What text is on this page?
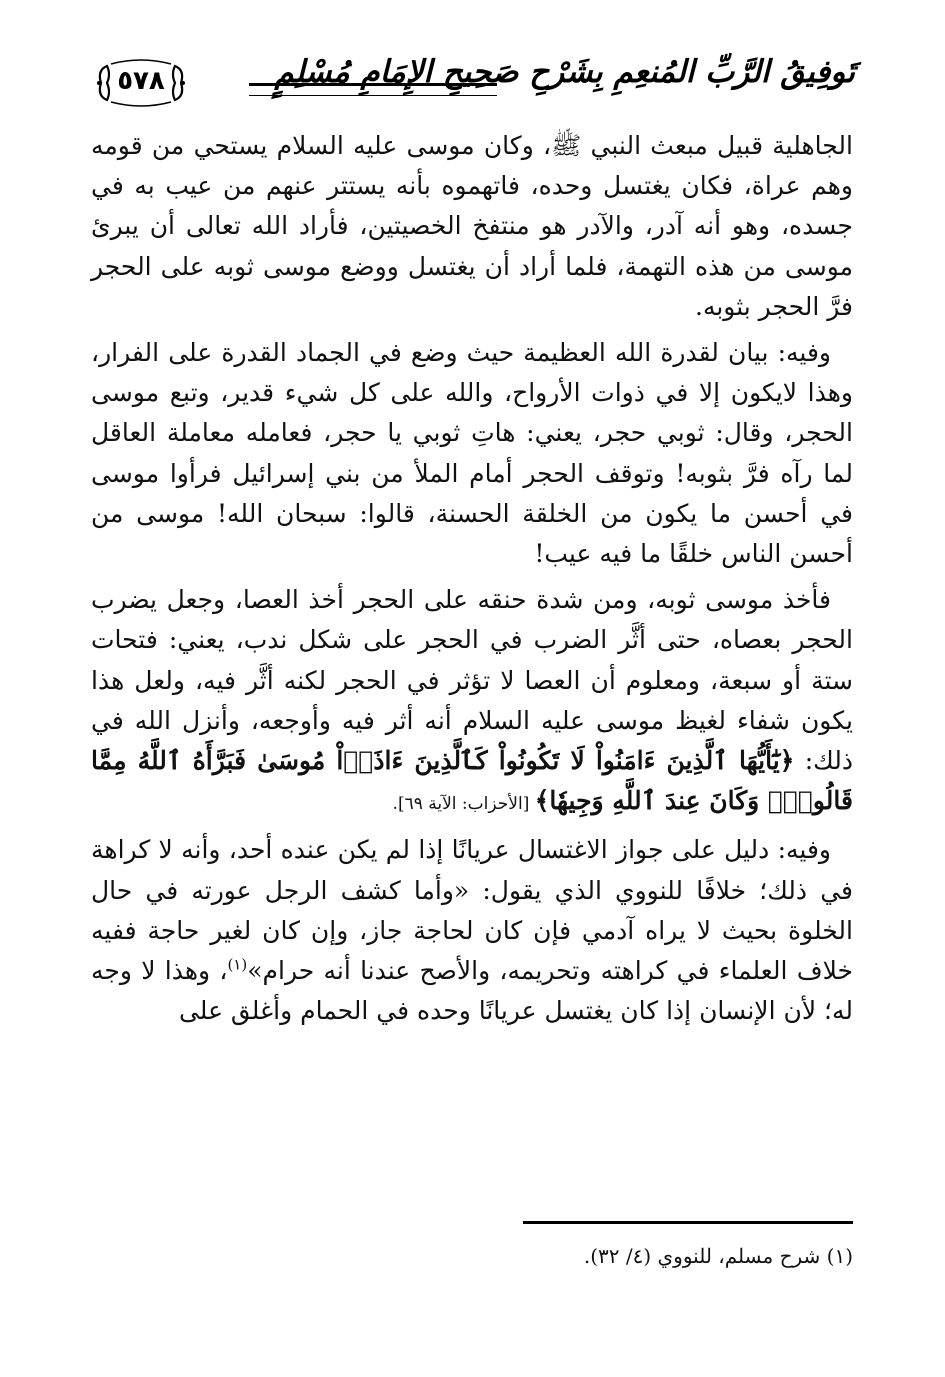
تَوفِيقُ الرَّبِّ المُنعِمِ بِشَرْحِ صَحِيحِ الإِمَامِ مُسْلِمٍ
٥٧٨

الجاهلية قبيل مبعث النبي ﷺ، وكان موسى عليه السلام يستحي من قومه وهم عراة، فكان يغتسل وحده، فاتهموه بأنه يستتر عنهم من عيب به في جسده، وهو أنه آدر، والآدر هو منتفخ الخصيتين، فأراد الله تعالى أن يبرئ موسى من هذه التهمة، فلما أراد أن يغتسل ووضع موسى ثوبه على الحجر فرَّ الحجر بثوبه.

وفيه: بيان لقدرة الله العظيمة حيث وضع في الجماد القدرة على الفرار، وهذا لايكون إلا في ذوات الأرواح، والله على كل شيء قدير، وتبع موسى الحجر، وقال: ثوبي حجر، يعني: هاتِ ثوبي يا حجر، فعامله معاملة العاقل لما رآه فرَّ بثوبه! وتوقف الحجر أمام الملأ من بني إسرائيل فرأوا موسى في أحسن ما يكون من الخلقة الحسنة، قالوا: سبحان الله! موسى من أحسن الناس خلقًا ما فيه عيب!

فأخذ موسى ثوبه، ومن شدة حنقه على الحجر أخذ العصا، وجعل يضرب الحجر بعصاه، حتى أثَّر الضرب في الحجر على شكل ندب، يعني: فتحات ستة أو سبعة، ومعلوم أن العصا لا تؤثر في الحجر لكنه أثَّر فيه، ولعل هذا يكون شفاء لغيظ موسى عليه السلام أنه أثر فيه وأوجعه، وأنزل الله في ذلك: ﴿يَٰٓأَيُّهَا ٱلَّذِينَ ءَامَنُواْ لَا تَكُونُواْ كَٱلَّذِينَ ءَاذَوۡاْ مُوسَىٰ فَبَرَّأَهُ ٱللَّهُ مِمَّا قَالُواْۚ وَكَانَ عِندَ ٱللَّهِ وَجِيهٗا﴾ [الأحزاب: الآية ٦٩].

وفيه: دليل على جواز الاغتسال عريانًا إذا لم يكن عنده أحد، وأنه لا كراهة في ذلك؛ خلافًا للنووي الذي يقول: «وأما كشف الرجل عورته في حال الخلوة بحيث لا يراه آدمي فإن كان لحاجة جاز، وإن كان لغير حاجة ففيه خلاف العلماء في كراهته وتحريمه، والأصح عندنا أنه حرام»$^{(١)}$، وهذا لا وجه له؛ لأن الإنسان إذا كان يغتسل عريانًا وحده في الحمام وأغلق على

(١) شرح مسلم، للنووي (٤/ ٣٢).
